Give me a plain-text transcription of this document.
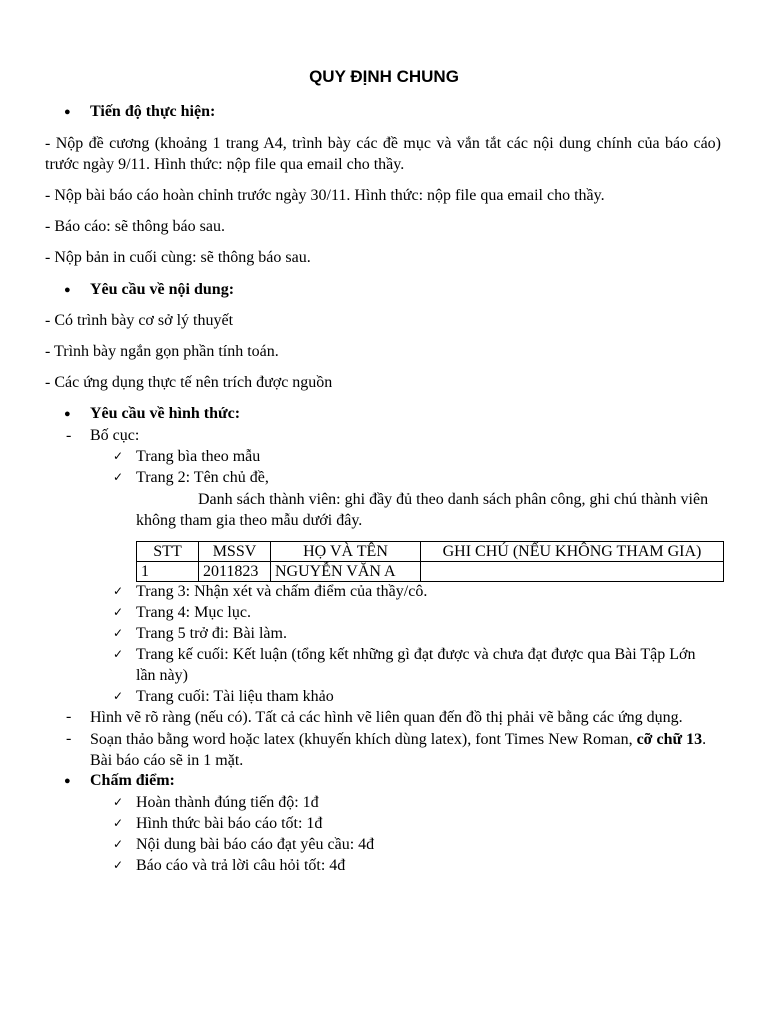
QUY ĐỊNH CHUNG
● Tiến độ thực hiện:
- Nộp đề cương (khoảng 1 trang A4, trình bày các đề mục và vắn tắt các nội dung chính của báo cáo)
trước ngày 9/11. Hình thức: nộp file qua email cho thầy.
- Nộp bài báo cáo hoàn chỉnh trước ngày 30/11. Hình thức: nộp file qua email cho thầy.
- Báo cáo: sẽ thông báo sau.
- Nộp bản in cuối cùng: sẽ thông báo sau.
● Yêu cầu về nội dung:
- Có trình bày cơ sở lý thuyết
- Trình bày ngắn gọn phần tính toán.
- Các ứng dụng thực tế nên trích được nguồn
● Yêu cầu về hình thức:
- Bố cục:
✓ Trang bìa theo mẫu
✓ Trang 2: Tên chủ đề,
Danh sách thành viên: ghi đầy đủ theo danh sách phân công, ghi chú thành viên
không tham gia theo mẫu dưới đây.
STT	MSSV	HỌ VÀ TÊN	GHI CHÚ (NẾU KHÔNG THAM GIA)
1	2011823	NGUYỄN VĂN A	
✓ Trang 3: Nhận xét và chấm điểm của thầy/cô.
✓ Trang 4: Mục lục.
✓ Trang 5 trở đi: Bài làm.
✓ Trang kế cuối: Kết luận (tổng kết những gì đạt được và chưa đạt được qua Bài Tập Lớn
lần này)
✓ Trang cuối: Tài liệu tham khảo
- Hình vẽ rõ ràng (nếu có). Tất cả các hình vẽ liên quan đến đồ thị phải vẽ bằng các ứng dụng.
- Soạn thảo bằng word hoặc latex (khuyến khích dùng latex), font Times New Roman, cỡ chữ 13.
Bài báo cáo sẽ in 1 mặt.
● Chấm điểm:
✓ Hoàn thành đúng tiến độ: 1đ
✓ Hình thức bài báo cáo tốt: 1đ
✓ Nội dung bài báo cáo đạt yêu cầu: 4đ
✓ Báo cáo và trả lời câu hỏi tốt: 4đ
